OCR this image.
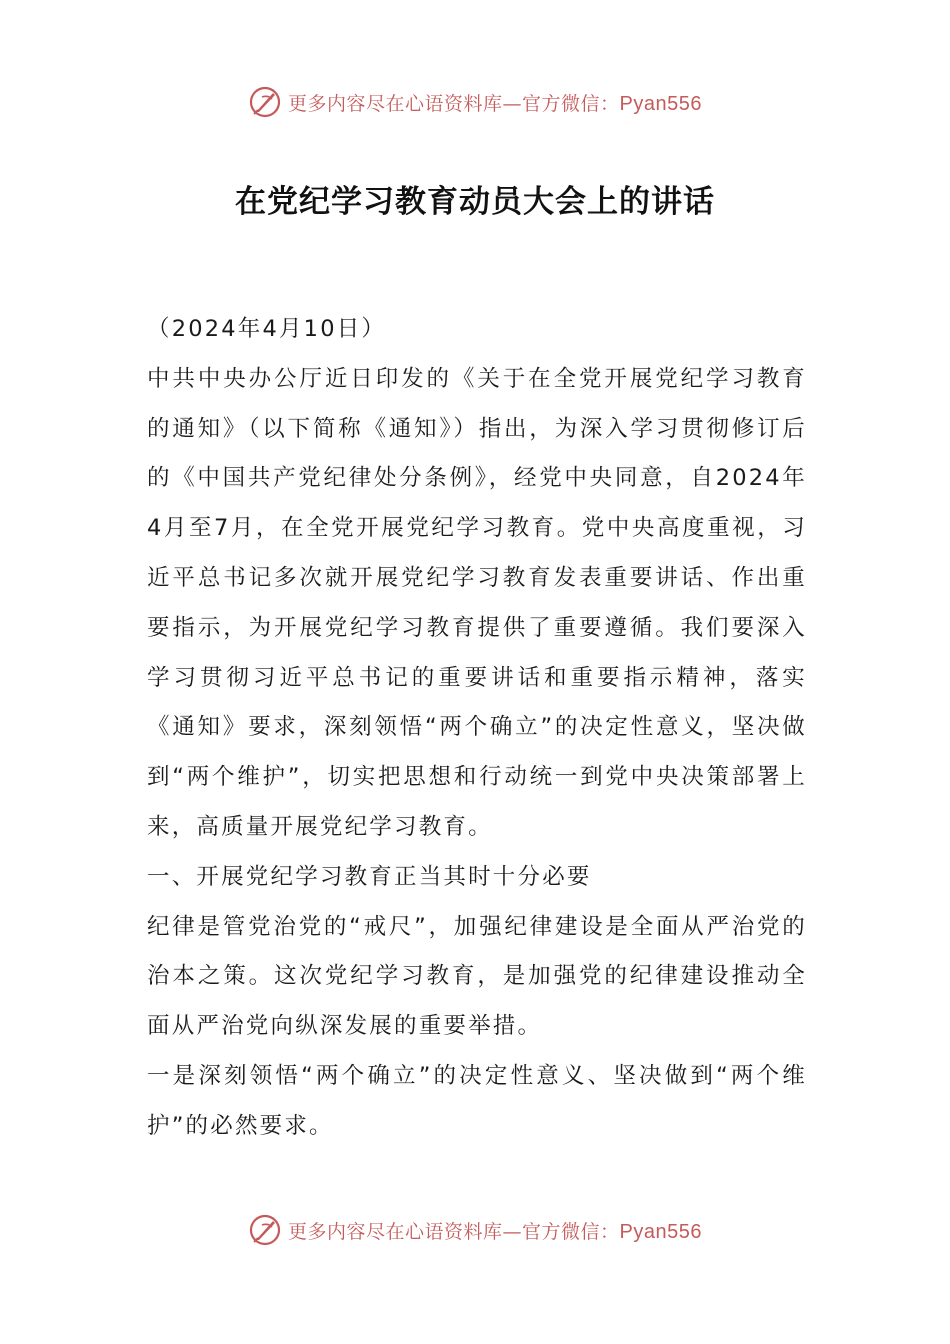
更多内容尽在心语资料库—官方微信：Pyan556
在党纪学习教育动员大会上的讲话

（2024年4月10日）

中共中央办公厅近日印发的《关于在全党开展党纪学习教育的通知》（以下简称《通知》）指出，为深入学习贯彻修订后的《中国共产党纪律处分条例》，经党中央同意，自2024年4月至7月，在全党开展党纪学习教育。党中央高度重视，习近平总书记多次就开展党纪学习教育发表重要讲话、作出重要指示，为开展党纪学习教育提供了重要遵循。我们要深入学习贯彻习近平总书记的重要讲话和重要指示精神，落实《通知》要求，深刻领悟“两个确立”的决定性意义，坚决做到“两个维护”，切实把思想和行动统一到党中央决策部署上来，高质量开展党纪学习教育。

一、开展党纪学习教育正当其时十分必要

纪律是管党治党的“戒尺”，加强纪律建设是全面从严治党的治本之策。这次党纪学习教育，是加强党的纪律建设推动全面从严治党向纵深发展的重要举措。

一是深刻领悟“两个确立”的决定性意义、坚决做到“两个维护”的必然要求。

更多内容尽在心语资料库—官方微信：Pyan556
